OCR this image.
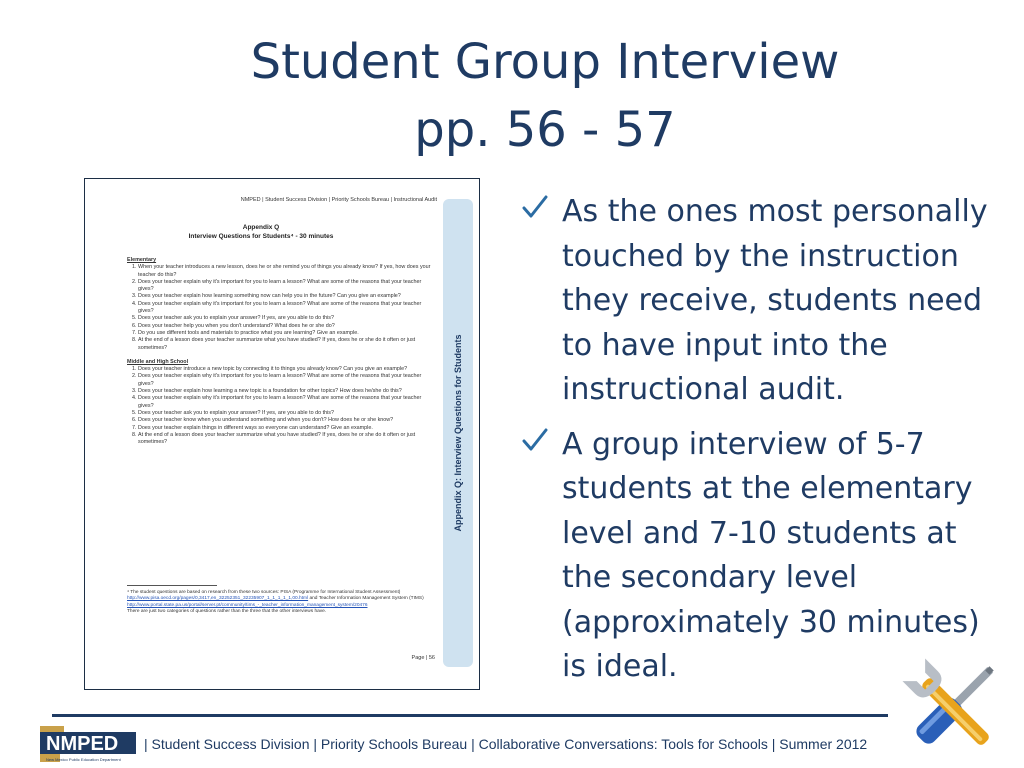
Student Group Interview
pp. 56 - 57
NMPED | Student Success Division | Priority Schools Bureau | Instructional Audit
Appendix Q
Interview Questions for Students⁴ - 30 minutes
Elementary
1. When your teacher introduces a new lesson, does he or she remind you of things you already know? If yes, how does your teacher do this?
2. Does your teacher explain why it's important for you to learn a lesson? What are some of the reasons that your teacher gives?
3. Does your teacher explain how learning something now can help you in the future? Can you give an example?
4. Does your teacher explain why it's important for you to learn a lesson? What are some of the reasons that your teacher gives?
5. Does your teacher ask you to explain your answer? If yes, are you able to do this?
6. Does your teacher help you when you don't understand? What does he or she do?
7. Do you use different tools and materials to practice what you are learning? Give an example.
8. At the end of a lesson does your teacher summarize what you have studied? If yes, does he or she do it often or just sometimes?
Middle and High School
1. Does your teacher introduce a new topic by connecting it to things you already know? Can you give an example?
2. Does your teacher explain why it's important for you to learn a lesson? What are some of the reasons that your teacher gives?
3. Does your teacher explain how learning a new topic is a foundation for other topics? How does he/she do this?
4. Does your teacher explain why it's important for you to learn a lesson? What are some of the reasons that your teacher gives?
5. Does your teacher ask you to explain your answer? If yes, are you able to do this?
6. Does your teacher know when you understand something and when you don't? How does he or she know?
7. Does your teacher explain things in different ways so everyone can understand? Give an example.
8. At the end of a lesson does your teacher summarize what you have studied? If yes, does he or she do it often or just sometimes?
⁴ The student questions are based on research from these two sources: PISA (Programme for International Student Assessment) http://www.pisa.oecd.org/pages/0,3417,en_32252351_32235907_1_1_1_1_1,00.html and Teacher Information Management System (TIMS) http://www.portal.state.pa.us/portal/server.pt/community/tims_-_teacher_information_management_system/20476
There are just two categories of questions rather than the three that the other interviews have.
Page | 56
Appendix Q: Interview Questions for Students
As the ones most personally touched by the instruction they receive, students need to have input into the instructional audit.
A group interview of 5-7 students at the elementary level and 7-10 students at the secondary level (approximately 30 minutes) is ideal.
NMPED
New Mexico Public Education Department
| Student Success Division | Priority Schools Bureau | Collaborative Conversations: Tools for Schools | Summer 2012
